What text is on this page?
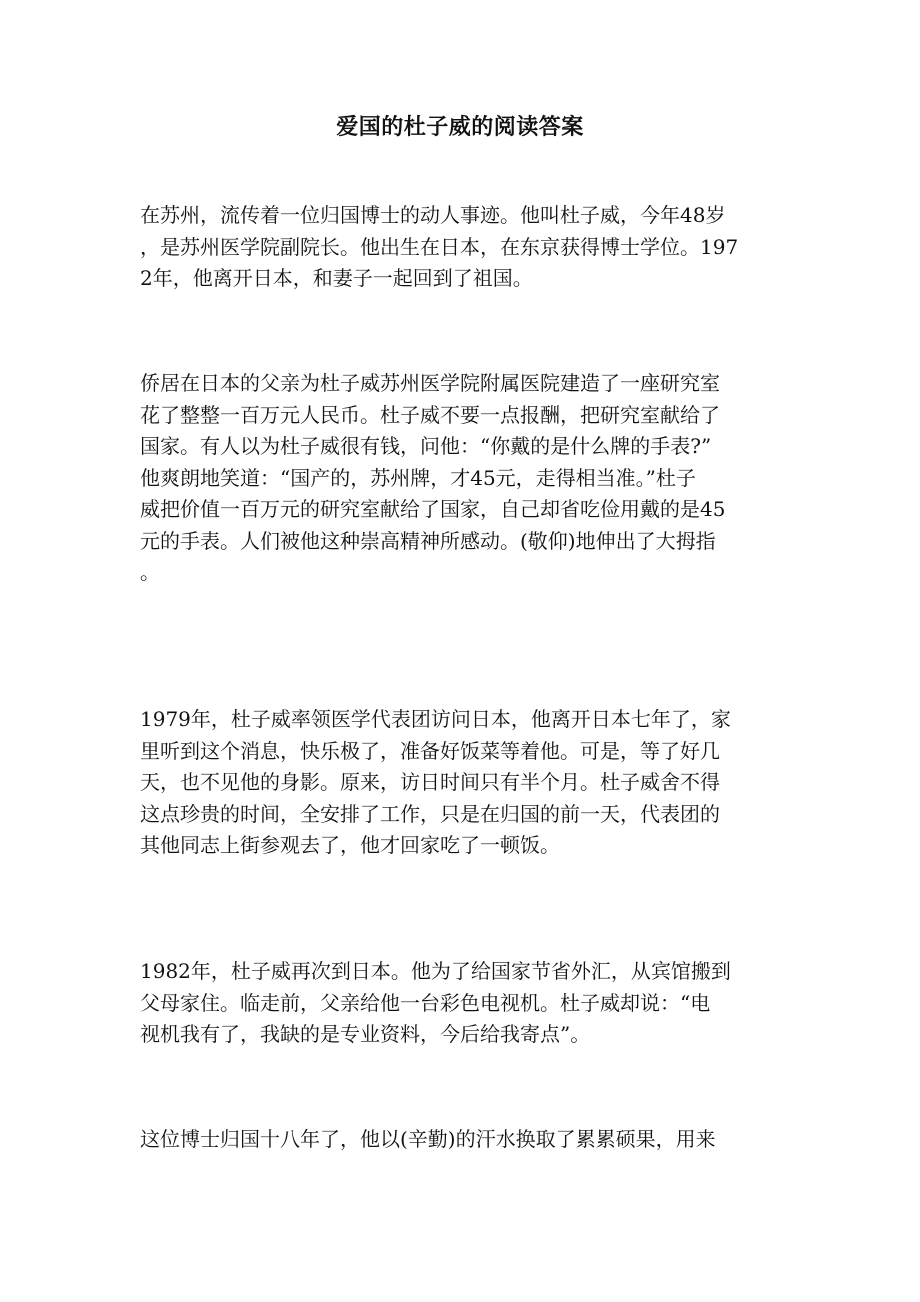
爱国的杜子威的阅读答案
在苏州，流传着一位归国博士的动人事迹。他叫杜子威，今年48岁
，是苏州医学院副院长。他出生在日本，在东京获得博士学位。197
2年，他离开日本，和妻子一起回到了祖国。
侨居在日本的父亲为杜子威苏州医学院附属医院建造了一座研究室
花了整整一百万元人民币。杜子威不要一点报酬，把研究室献给了
国家。有人以为杜子威很有钱，问他：“你戴的是什么牌的手表?”
他爽朗地笑道：“国产的，苏州牌，才45元，走得相当准。”杜子
威把价值一百万元的研究室献给了国家，自己却省吃俭用戴的是45
元的手表。人们被他这种崇高精神所感动。(敬仰)地伸出了大拇指
。
1979年，杜子威率领医学代表团访问日本，他离开日本七年了，家
里听到这个消息，快乐极了，准备好饭菜等着他。可是，等了好几
天，也不见他的身影。原来，访日时间只有半个月。杜子威舍不得
这点珍贵的时间，全安排了工作，只是在归国的前一天，代表团的
其他同志上街参观去了，他才回家吃了一顿饭。
1982年，杜子威再次到日本。他为了给国家节省外汇，从宾馆搬到
父母家住。临走前，父亲给他一台彩色电视机。杜子威却说：“电
视机我有了，我缺的是专业资料，今后给我寄点”。
这位博士归国十八年了，他以(辛勤)的汗水换取了累累硕果，用来
